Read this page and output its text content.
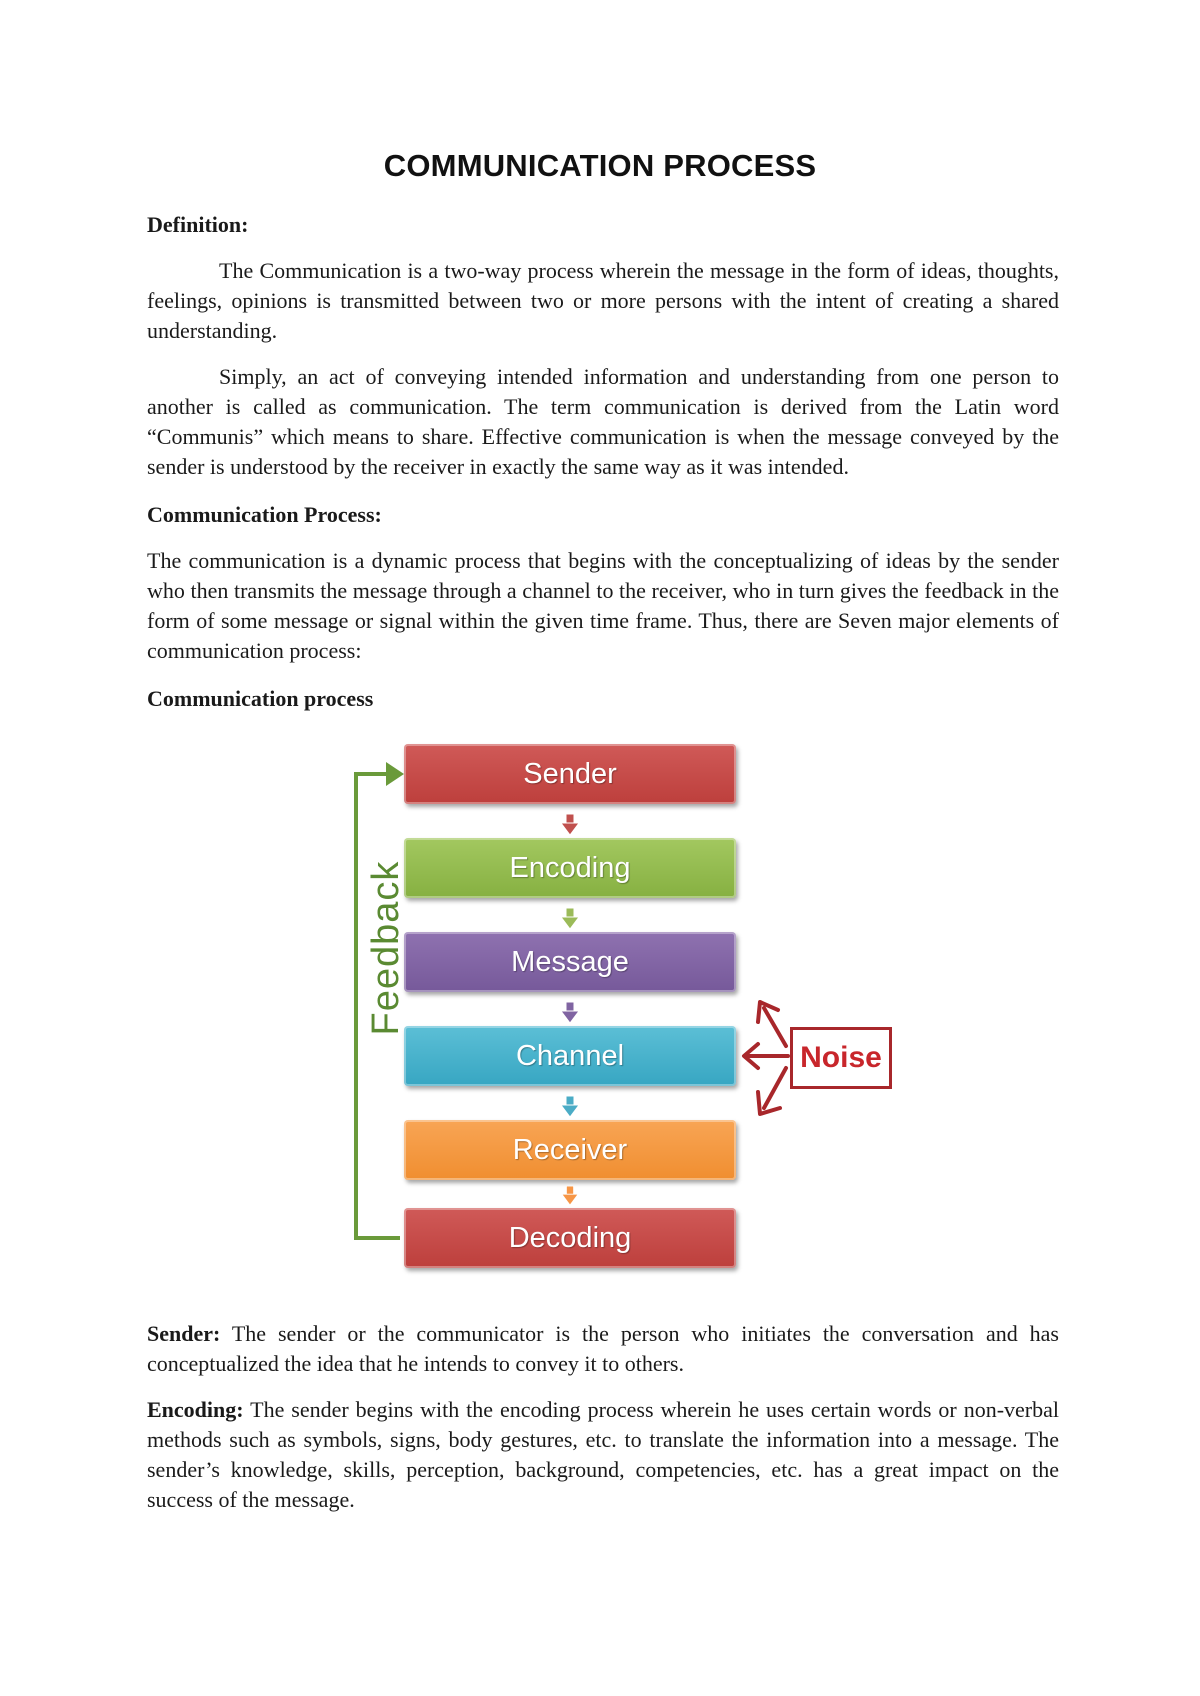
COMMUNICATION PROCESS

Definition:

The Communication is a two-way process wherein the message in the form of ideas, thoughts, feelings, opinions is transmitted between two or more persons with the intent of creating a shared understanding.

Simply, an act of conveying intended information and understanding from one person to another is called as communication. The term communication is derived from the Latin word “Communis” which means to share. Effective communication is when the message conveyed by the sender is understood by the receiver in exactly the same way as it was intended.

Communication Process:

The communication is a dynamic process that begins with the conceptualizing of ideas by the sender who then transmits the message through a channel to the receiver, who in turn gives the feedback in the form of some message or signal within the given time frame. Thus, there are Seven major elements of communication process:

Communication process

Sender
Encoding
Message
Channel
Receiver
Decoding
Feedback
Noise

Sender: The sender or the communicator is the person who initiates the conversation and has conceptualized the idea that he intends to convey it to others.

Encoding: The sender begins with the encoding process wherein he uses certain words or non-verbal methods such as symbols, signs, body gestures, etc. to translate the information into a message. The sender’s knowledge, skills, perception, background, competencies, etc. has a great impact on the success of the message.
